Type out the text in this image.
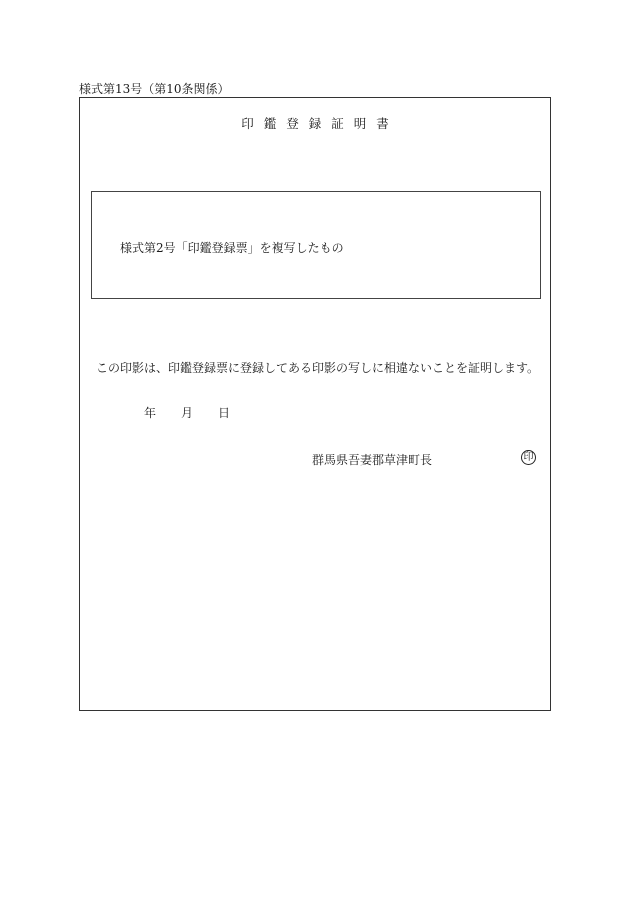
様式第13号（第10条関係）
印鑑登録証明書
様式第2号「印鑑登録票」を複写したもの
この印影は、印鑑登録票に登録してある印影の写しに相違ないことを証明します。
年 月 日
群馬県吾妻郡草津町長	印
